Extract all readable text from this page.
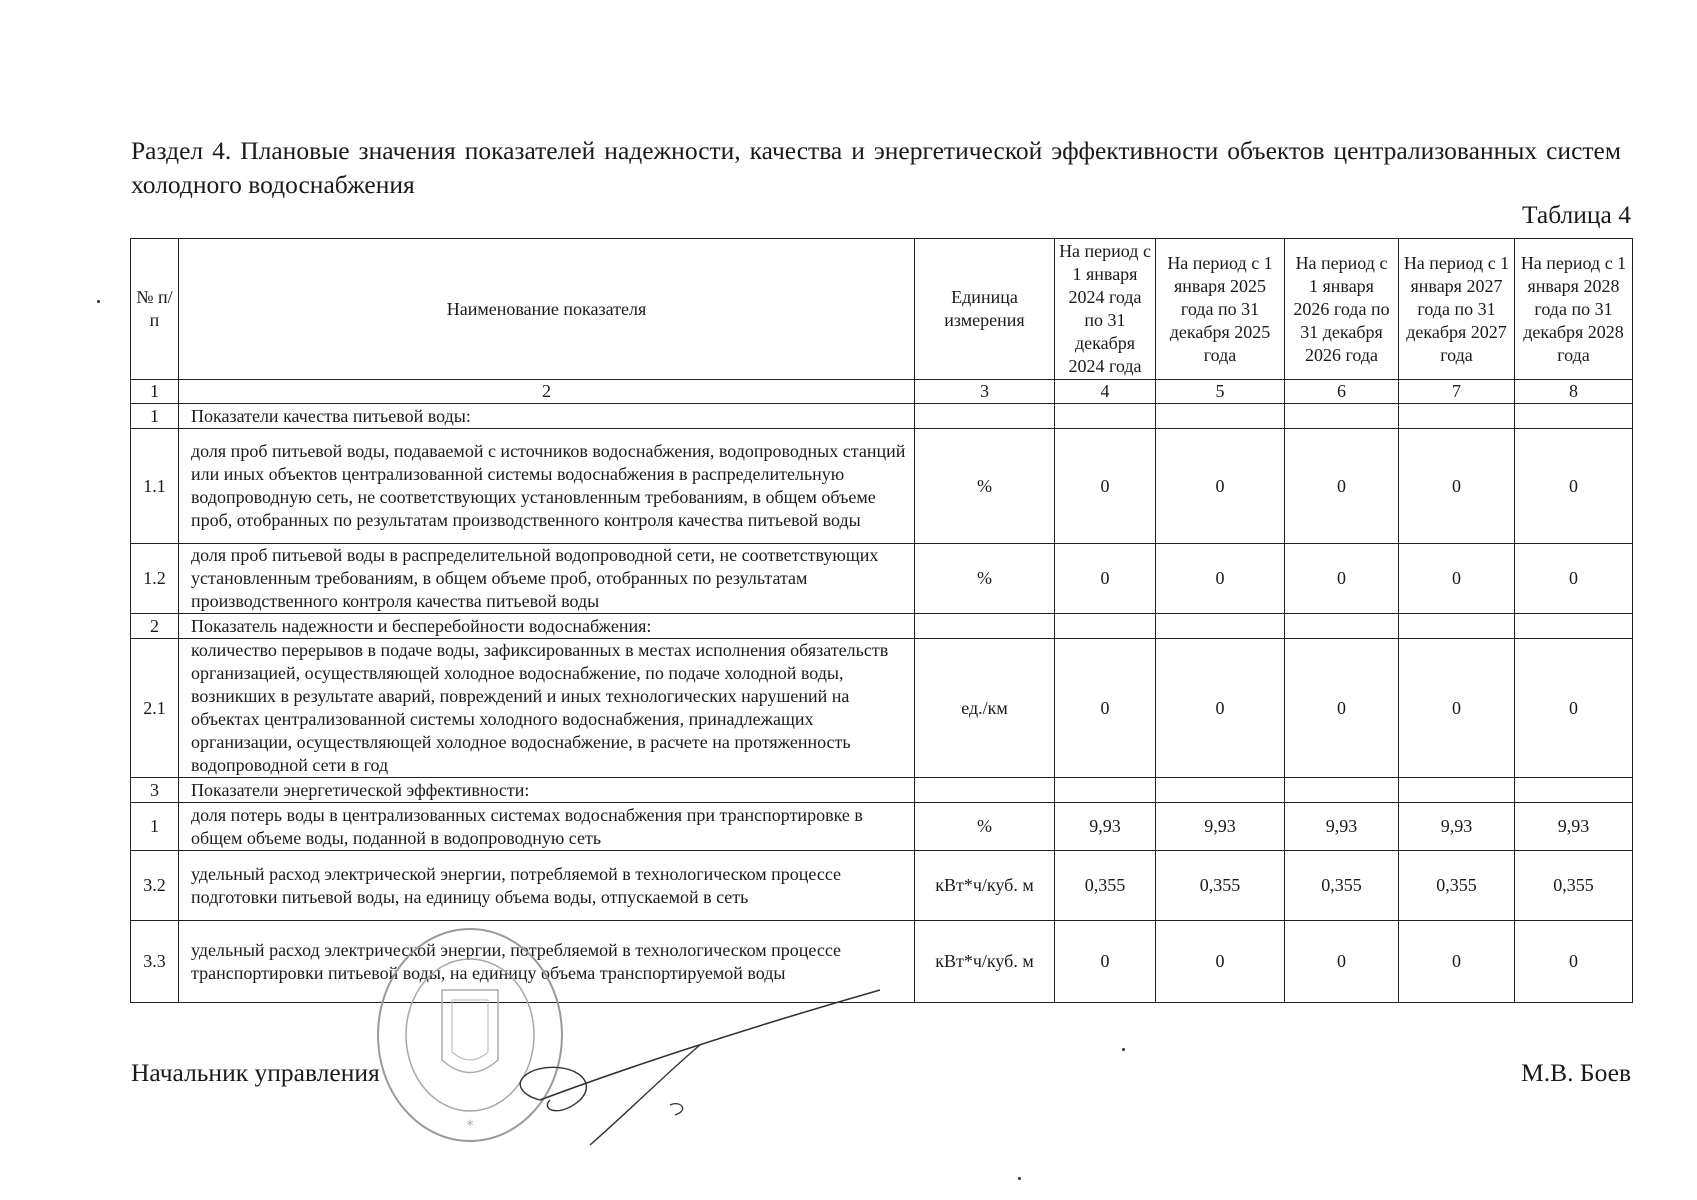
Раздел 4. Плановые значения показателей надежности, качества и энергетической эффективности объектов централизованных систем холодного водоснабжения
Таблица 4
№ п/п	Наименование показателя	Единица измерения	На период с 1 января 2024 года по 31 декабря 2024 года	На период с 1 января 2025 года по 31 декабря 2025 года	На период с 1 января 2026 года по 31 декабря 2026 года	На период с 1 января 2027 года по 31 декабря 2027 года	На период с 1 января 2028 года по 31 декабря 2028 года
1	2	3	4	5	6	7	8
1	Показатели качества питьевой воды:						
1.1	доля проб питьевой воды, подаваемой с источников водоснабжения, водопроводных станций или иных объектов централизованной системы водоснабжения в распределительную водопроводную сеть, не соответствующих установленным требованиям, в общем объеме проб, отобранных по результатам производственного контроля качества питьевой воды	%	0	0	0	0	0
1.2	доля проб питьевой воды в распределительной водопроводной сети, не соответствующих установленным требованиям, в общем объеме проб, отобранных по результатам производственного контроля качества питьевой воды	%	0	0	0	0	0
2	Показатель надежности и бесперебойности водоснабжения:						
2.1	количество перерывов в подаче воды, зафиксированных в местах исполнения обязательств организацией, осуществляющей холодное водоснабжение, по подаче холодной воды, возникших в результате аварий, повреждений и иных технологических нарушений на объектах централизованной системы холодного водоснабжения, принадлежащих организации, осуществляющей холодное водоснабжение, в расчете на протяженность водопроводной сети в год	ед./км	0	0	0	0	0
3	Показатели энергетической эффективности:						
1	доля потерь воды в централизованных системах водоснабжения при транспортировке в общем объеме воды, поданной в водопроводную сеть	%	9,93	9,93	9,93	9,93	9,93
3.2	удельный расход электрической энергии, потребляемой в технологическом процессе подготовки питьевой воды, на единицу объема воды, отпускаемой в сеть	кВт*ч/куб. м	0,355	0,355	0,355	0,355	0,355
3.3	удельный расход электрической энергии, потребляемой в технологическом процессе транспортировки питьевой воды, на единицу объема транспортируемой воды	кВт*ч/куб. м	0	0	0	0	0
*
Начальник управления	М.В. Боев
